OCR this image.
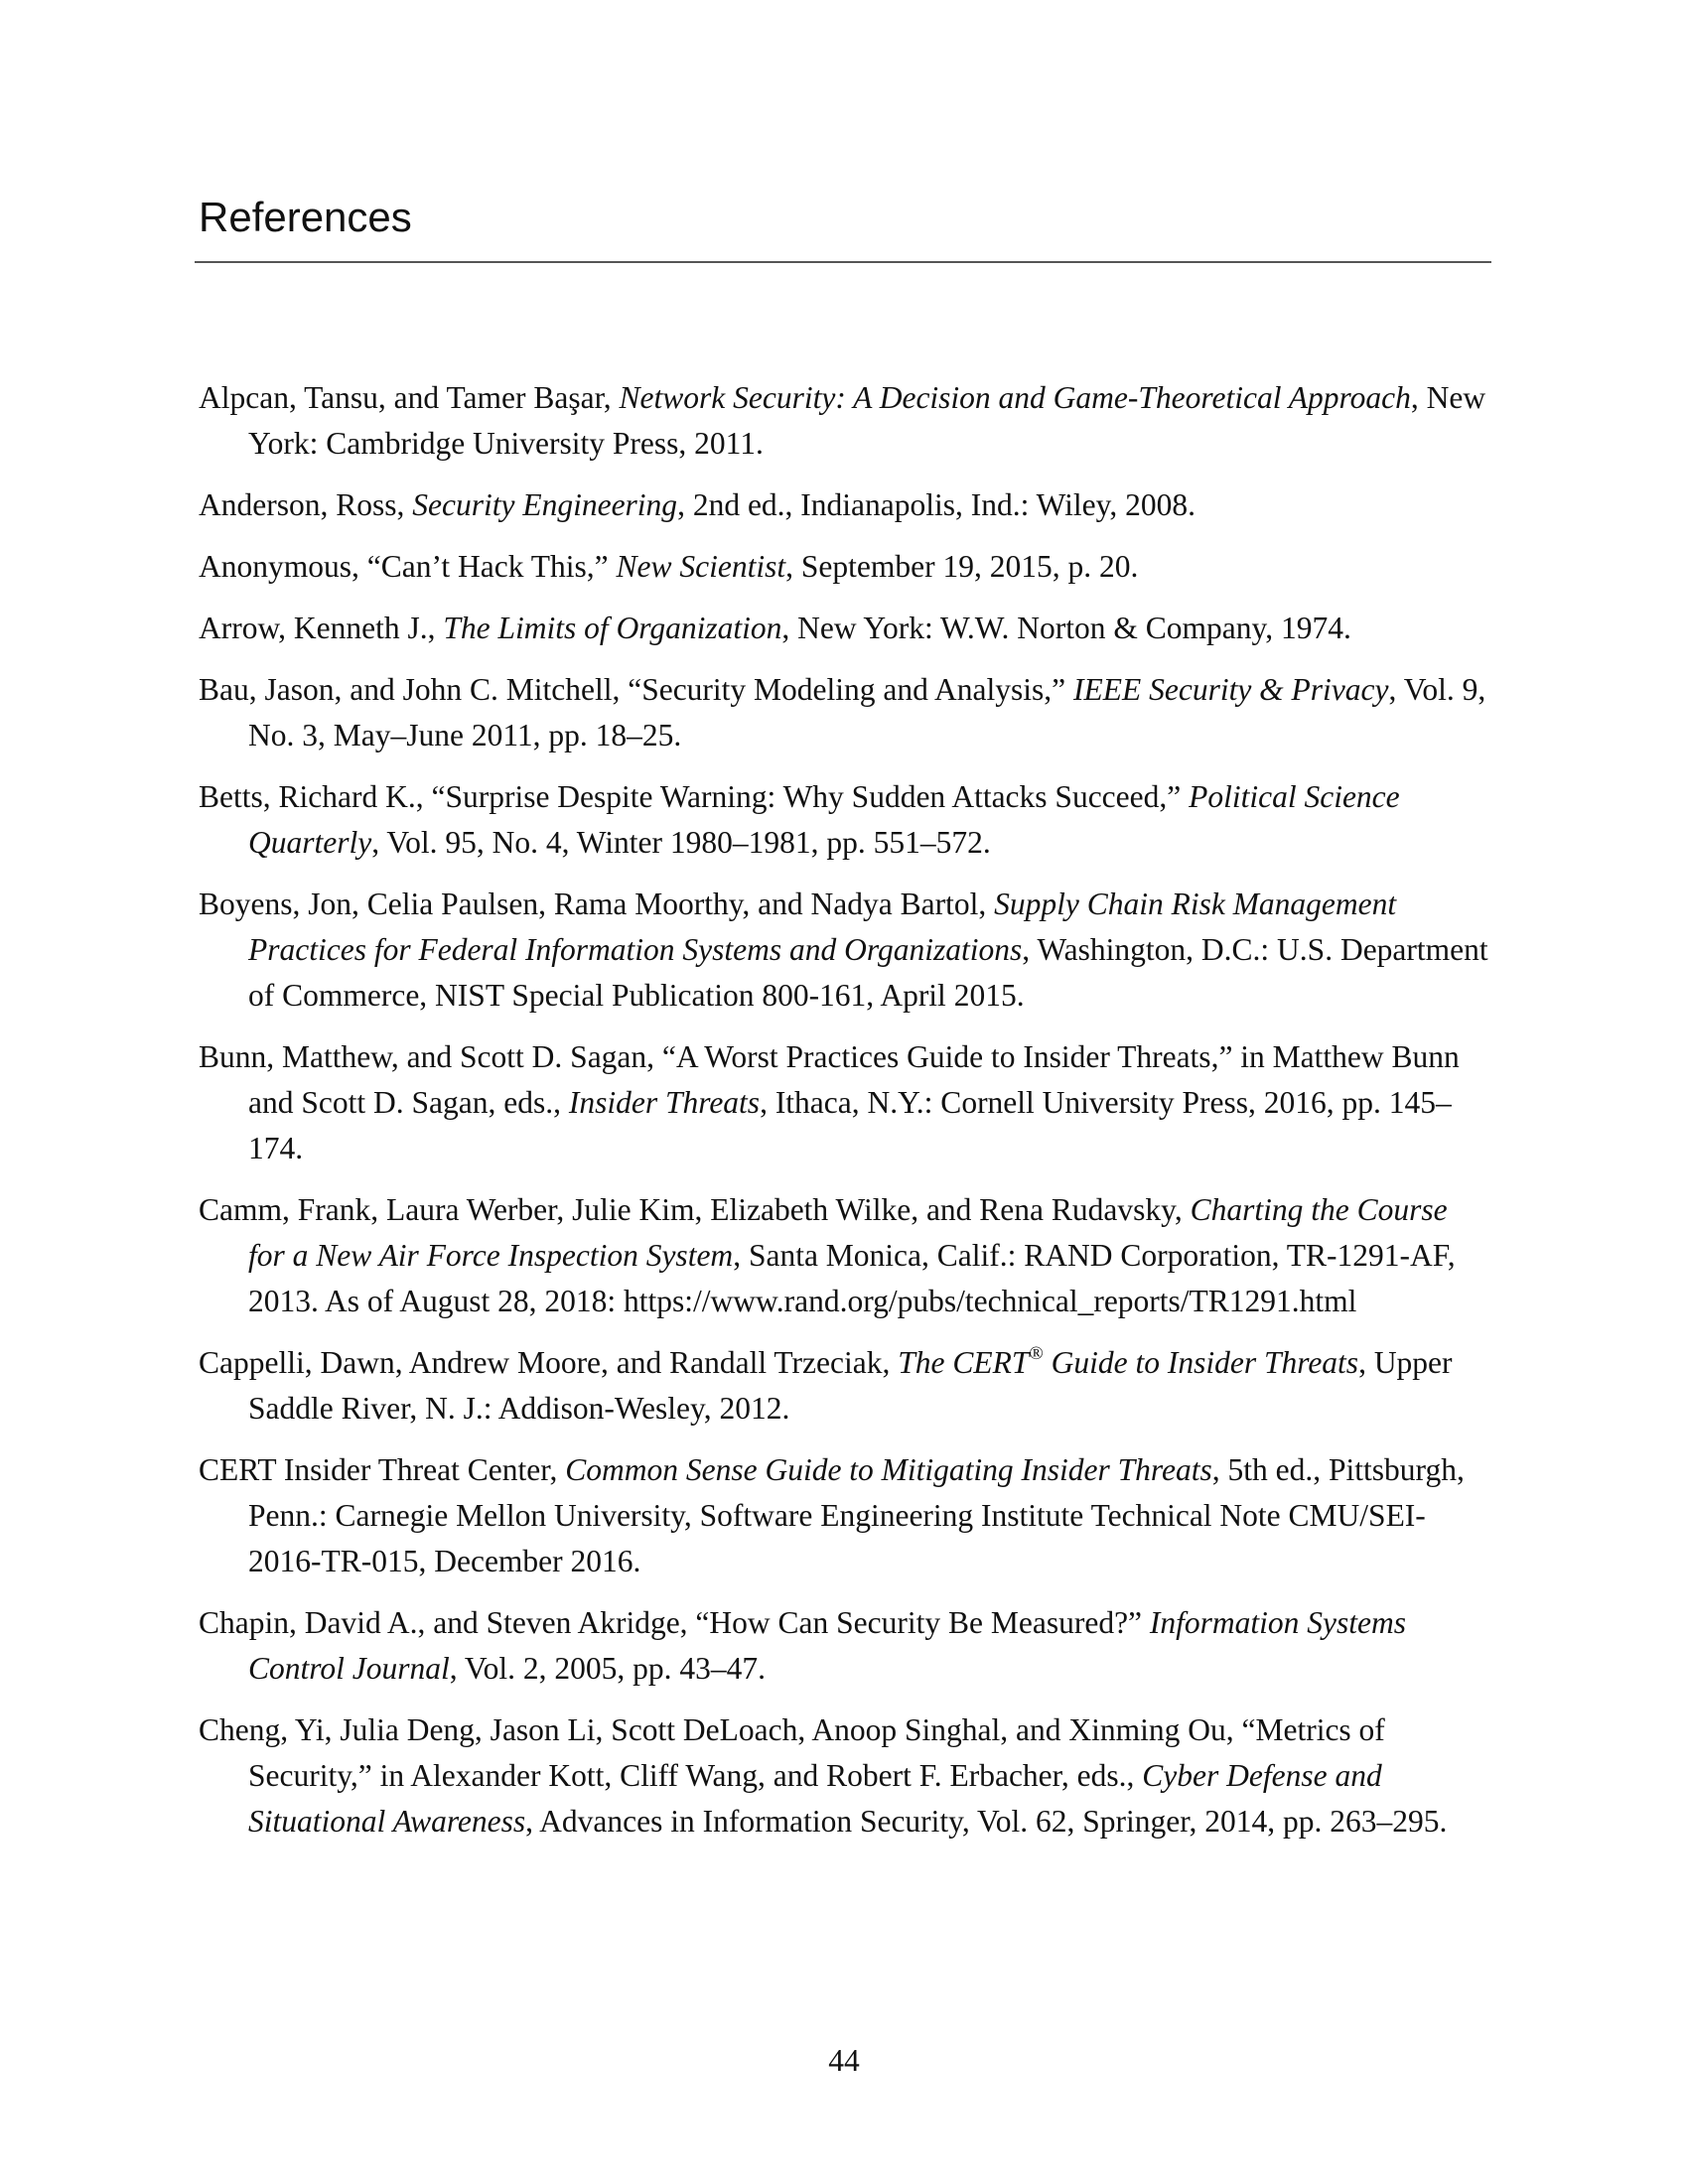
References
Alpcan, Tansu, and Tamer Başar, Network Security: A Decision and Game-Theoretical Approach, New York: Cambridge University Press, 2011.
Anderson, Ross, Security Engineering, 2nd ed., Indianapolis, Ind.: Wiley, 2008.
Anonymous, “Can’t Hack This,” New Scientist, September 19, 2015, p. 20.
Arrow, Kenneth J., The Limits of Organization, New York: W.W. Norton & Company, 1974.
Bau, Jason, and John C. Mitchell, “Security Modeling and Analysis,” IEEE Security & Privacy, Vol. 9, No. 3, May–June 2011, pp. 18–25.
Betts, Richard K., “Surprise Despite Warning: Why Sudden Attacks Succeed,” Political Science Quarterly, Vol. 95, No. 4, Winter 1980–1981, pp. 551–572.
Boyens, Jon, Celia Paulsen, Rama Moorthy, and Nadya Bartol, Supply Chain Risk Management Practices for Federal Information Systems and Organizations, Washington, D.C.: U.S. Department of Commerce, NIST Special Publication 800-161, April 2015.
Bunn, Matthew, and Scott D. Sagan, “A Worst Practices Guide to Insider Threats,” in Matthew Bunn and Scott D. Sagan, eds., Insider Threats, Ithaca, N.Y.: Cornell University Press, 2016, pp. 145–174.
Camm, Frank, Laura Werber, Julie Kim, Elizabeth Wilke, and Rena Rudavsky, Charting the Course for a New Air Force Inspection System, Santa Monica, Calif.: RAND Corporation, TR-1291-AF, 2013. As of August 28, 2018: https://www.rand.org/pubs/technical_reports/TR1291.html
Cappelli, Dawn, Andrew Moore, and Randall Trzeciak, The CERT® Guide to Insider Threats, Upper Saddle River, N. J.: Addison-Wesley, 2012.
CERT Insider Threat Center, Common Sense Guide to Mitigating Insider Threats, 5th ed., Pittsburgh, Penn.: Carnegie Mellon University, Software Engineering Institute Technical Note CMU/SEI-2016-TR-015, December 2016.
Chapin, David A., and Steven Akridge, “How Can Security Be Measured?” Information Systems Control Journal, Vol. 2, 2005, pp. 43–47.
Cheng, Yi, Julia Deng, Jason Li, Scott DeLoach, Anoop Singhal, and Xinming Ou, “Metrics of Security,” in Alexander Kott, Cliff Wang, and Robert F. Erbacher, eds., Cyber Defense and Situational Awareness, Advances in Information Security, Vol. 62, Springer, 2014, pp. 263–295.
44
